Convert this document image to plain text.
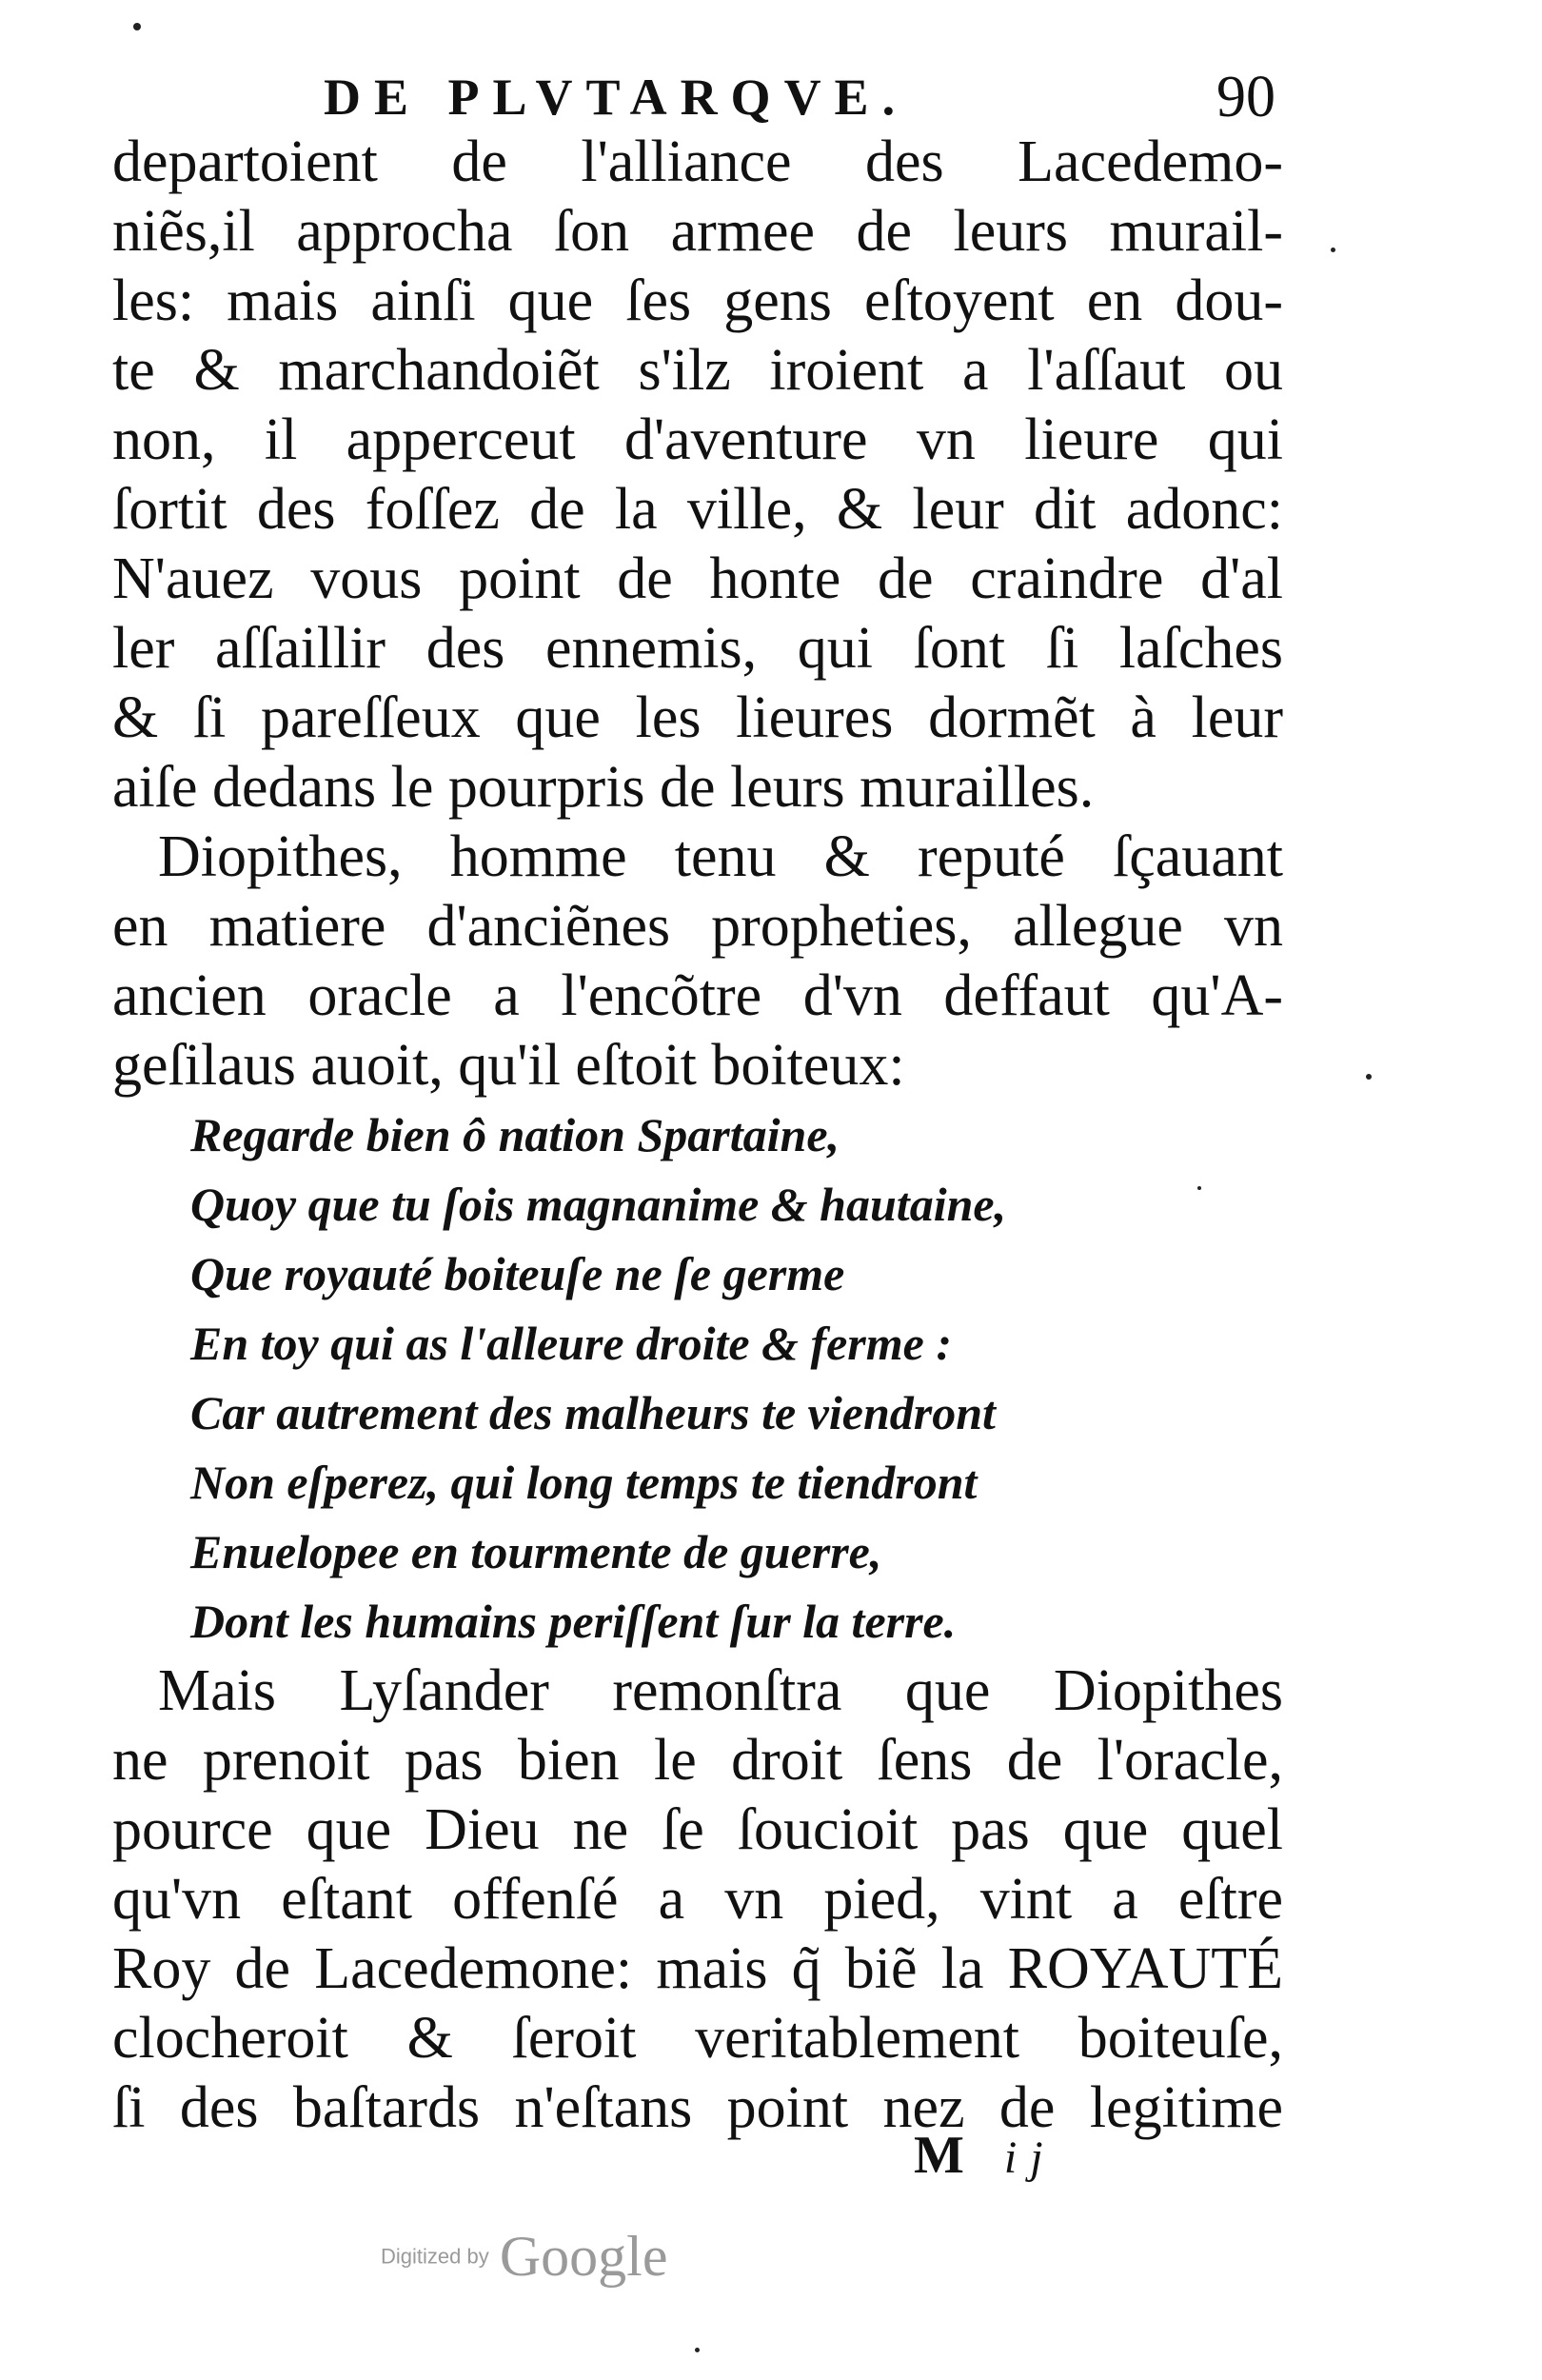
DE PLVTARQVE.	90
departoient de l'alliance des Lacedemo-
niẽs,il approcha ſon armee de leurs murail-
les: mais ainſi que ſes gens eſtoyent en dou-
te & marchandoiẽt s'ilz iroient a l'aſſaut ou
non, il apperceut d'aventure vn lieure qui
ſortit des foſſez de la ville, & leur dit adonc:
N'auez vous point de honte de craindre d'al
ler aſſaillir des ennemis, qui ſont ſi laſches
& ſi pareſſeux que les lieures dormẽt à leur
aiſe dedans le pourpris de leurs murailles.
Diopithes, homme tenu & reputé ſçauant
en matiere d'anciẽnes propheties, allegue vn
ancien oracle a l'encõtre d'vn deffaut qu'A-
geſilaus auoit, qu'il eſtoit boiteux:
Regarde bien ô nation Spartaine,
Quoy que tu ſois magnanime & hautaine,
Que royauté boiteuſe ne ſe germe
En toy qui as l'alleure droite & ferme :
Car autrement des malheurs te viendront
Non eſperez, qui long temps te tiendront
Enuelopee en tourmente de guerre,
Dont les humains periſſent ſur la terre.
Mais Lyſander remonſtra que Diopithes
ne prenoit pas bien le droit ſens de l'oracle,
pource que Dieu ne ſe ſoucioit pas que quel
qu'vn eſtant offenſé a vn pied, vint a eſtre
Roy de Lacedemone: mais q̃ biẽ la ROYAUTÉ
clocheroit & ſeroit veritablement boiteuſe,
ſi des baſtards n'eſtans point nez de legitime
M ij
Digitized by Google
